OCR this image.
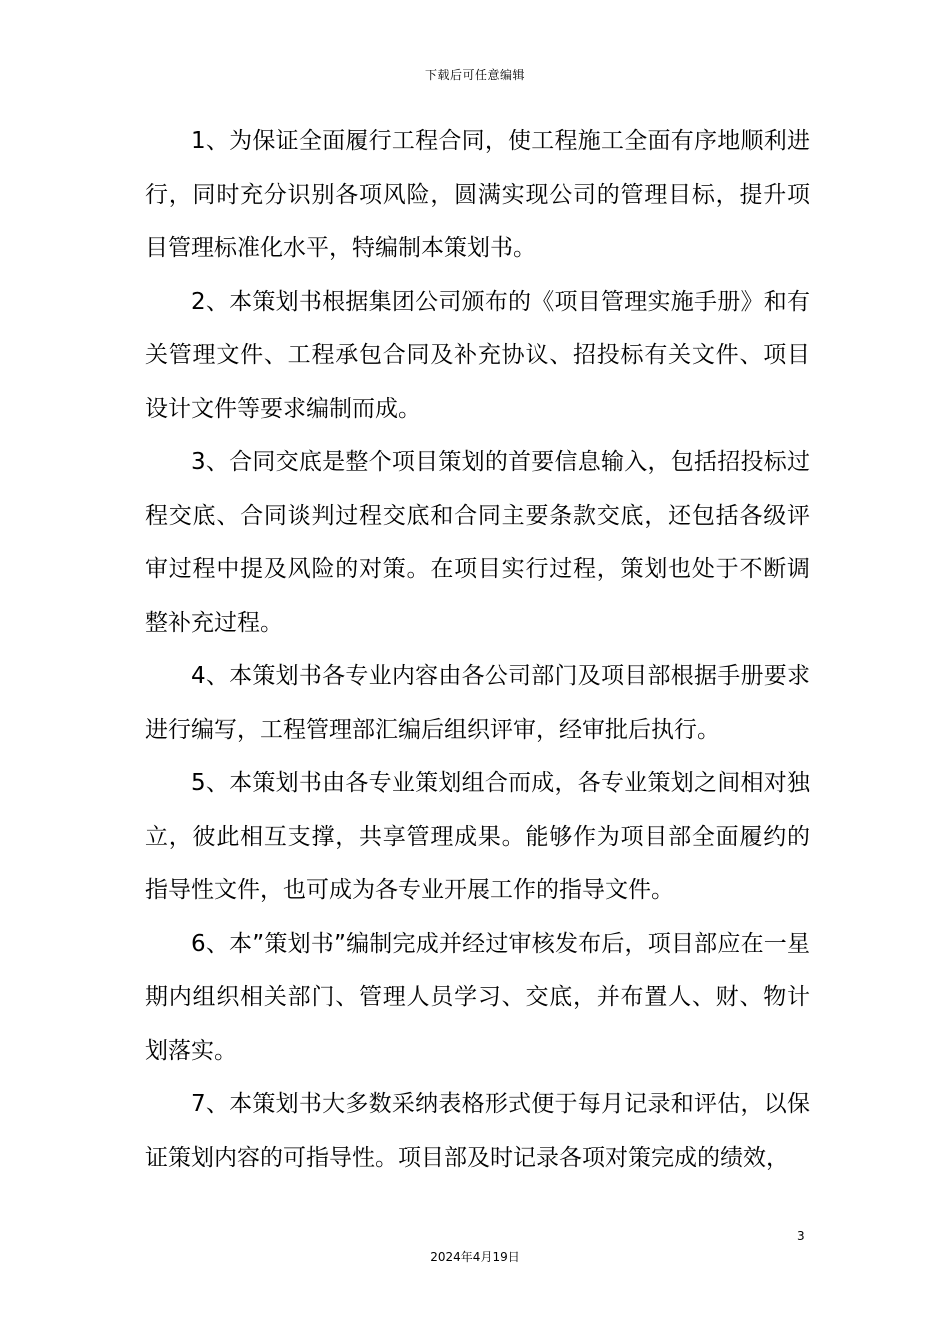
下载后可任意编辑

1、为保证全面履行工程合同，使工程施工全面有序地顺利进行，同时充分识别各项风险，圆满实现公司的管理目标，提升项目管理标准化水平，特编制本策划书。

2、本策划书根据集团公司颁布的《项目管理实施手册》和有关管理文件、工程承包合同及补充协议、招投标有关文件、项目设计文件等要求编制而成。

3、合同交底是整个项目策划的首要信息输入，包括招投标过程交底、合同谈判过程交底和合同主要条款交底，还包括各级评审过程中提及风险的对策。在项目实行过程，策划也处于不断调整补充过程。

4、本策划书各专业内容由各公司部门及项目部根据手册要求进行编写，工程管理部汇编后组织评审，经审批后执行。

5、本策划书由各专业策划组合而成，各专业策划之间相对独立，彼此相互支撑，共享管理成果。能够作为项目部全面履约的指导性文件，也可成为各专业开展工作的指导文件。

6、本”策划书”编制完成并经过审核发布后，项目部应在一星期内组织相关部门、管理人员学习、交底，并布置人、财、物计划落实。

7、本策划书大多数采纳表格形式便于每月记录和评估，以保证策划内容的可指导性。项目部及时记录各项对策完成的绩效，

3
2024年4月19日
